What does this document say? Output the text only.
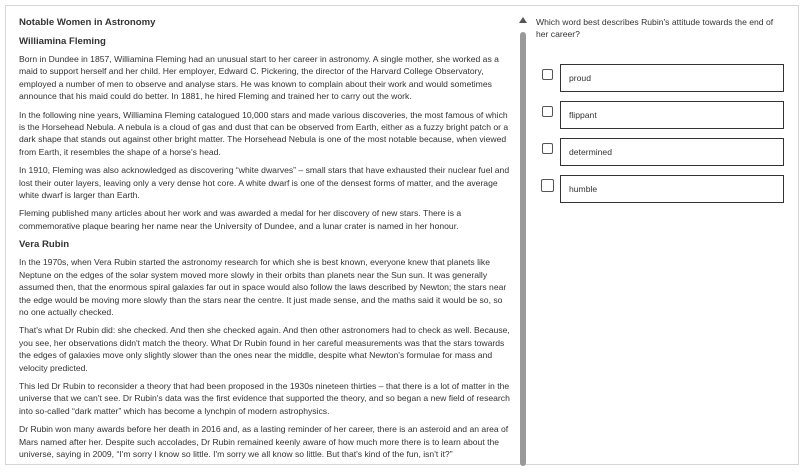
Notable Women in Astronomy
Williamina Fleming

Born in Dundee in 1857, Williamina Fleming had an unusual start to her career in astronomy. A single mother, she worked as a maid to support herself and her child. Her employer, Edward C. Pickering, the director of the Harvard College Observatory, employed a number of men to observe and analyse stars. He was known to complain about their work and would sometimes announce that his maid could do better. In 1881, he hired Fleming and trained her to carry out the work.

In the following nine years, Williamina Fleming catalogued 10,000 stars and made various discoveries, the most famous of which is the Horsehead Nebula. A nebula is a cloud of gas and dust that can be observed from Earth, either as a fuzzy bright patch or a dark shape that stands out against other bright matter. The Horsehead Nebula is one of the most notable because, when viewed from Earth, it resembles the shape of a horse's head.

In 1910, Fleming was also acknowledged as discovering “white dwarves” – small stars that have exhausted their nuclear fuel and lost their outer layers, leaving only a very dense hot core. A white dwarf is one of the densest forms of matter, and the average white dwarf is larger than Earth.

Fleming published many articles about her work and was awarded a medal for her discovery of new stars. There is a commemorative plaque bearing her name near the University of Dundee, and a lunar crater is named in her honour.

Vera Rubin

In the 1970s, when Vera Rubin started the astronomy research for which she is best known, everyone knew that planets like Neptune on the edges of the solar system moved more slowly in their orbits than planets near the Sun sun. It was generally assumed then, that the enormous spiral galaxies far out in space would also follow the laws described by Newton; the stars near the edge would be moving more slowly than the stars near the centre. It just made sense, and the maths said it would be so, so no one actually checked.

That's what Dr Rubin did: she checked. And then she checked again. And then other astronomers had to check as well. Because, you see, her observations didn't match the theory. What Dr Rubin found in her careful measurements was that the stars towards the edges of galaxies move only slightly slower than the ones near the middle, despite what Newton's formulae for mass and velocity predicted.

This led Dr Rubin to reconsider a theory that had been proposed in the 1930s nineteen thirties – that there is a lot of matter in the universe that we can't see. Dr Rubin's data was the first evidence that supported the theory, and so began a new field of research into so-called “dark matter” which has become a lynchpin of modern astrophysics.

Dr Rubin won many awards before her death in 2016 and, as a lasting reminder of her career, there is an asteroid and an area of Mars named after her. Despite such accolades, Dr Rubin remained keenly aware of how much more there is to learn about the universe, saying in 2009, “I'm sorry I know so little. I'm sorry we all know so little. But that's kind of the fun, isn't it?”

Which word best describes Rubin's attitude towards the end of her career?

proud
flippant
determined
humble
